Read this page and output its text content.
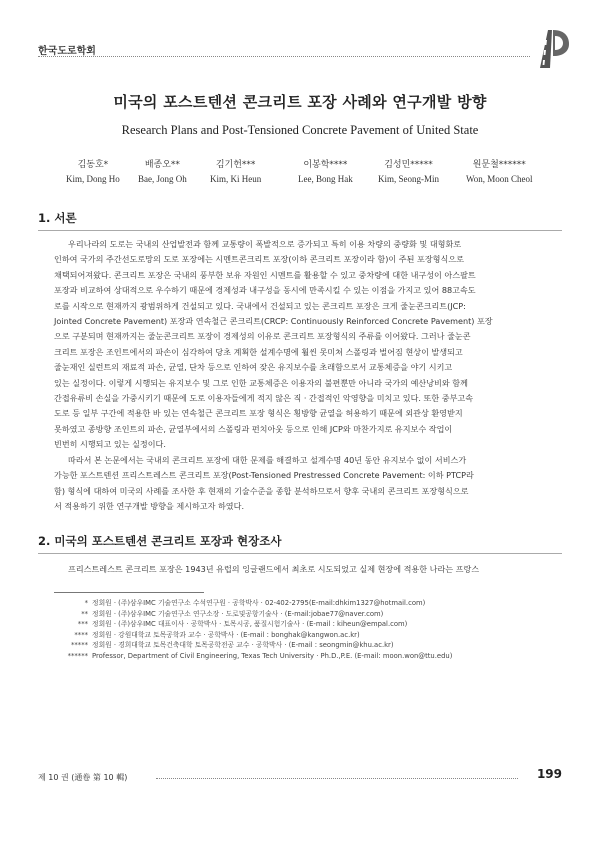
한국도로학회
미국의 포스트텐션 콘크리트 포장 사례와 연구개발 방향
Research Plans and Post-Tensioned Concrete Pavement of United State
김동호*
Kim, Dong Ho
배종오**
Bae, Jong Oh
김기헌***
Kim, Ki Heun
이봉학****
Lee, Bong Hak
김성민*****
Kim, Seong-Min
원문철******
Won, Moon Cheol
1. 서론
우리나라의 도로는 국내의 산업발전과 함께 교통량이 폭발적으로 증가되고 특히 이용 차량의 중량화 및 대형화로
인하여 국가의 주간선도로망의 도로 포장에는 시멘트콘크리트 포장(이하 콘크리트 포장이라 함)이 주된 포장형식으로
채택되어져왔다. 콘크리트 포장은 국내의 풍부한 보유 자원인 시멘트를 활용할 수 있고 중차량에 대한 내구성이 아스팔트
포장과 비교하여 상대적으로 우수하기 때문에 경제성과 내구성을 동시에 만족시킬 수 있는 이점을 가지고 있어 88고속도
로를 시작으로 현재까지 광범위하게 건설되고 있다. 국내에서 건설되고 있는 콘크리트 포장은 크게 줄눈콘크리트(JCP:
Jointed Concrete Pavement) 포장과 연속철근 콘크리트(CRCP: Continuously Reinforced Concrete Pavement) 포장
으로 구분되며 현재까지는 줄눈콘크리트 포장이 경제성의 이유로 콘크리트 포장형식의 주류를 이어왔다. 그러나 줄눈콘
크리트 포장은 조인트에서의 파손이 심각하여 당초 계획한 설계수명에 훨씬 못미쳐 스폴링과 벌어짐 현상이 발생되고
줄눈재인 실런트의 재료적 파손, 균열, 단차 등으로 인하여 잦은 유지보수를 초래함으로서 교통체증을 야기 시키고
있는 실정이다. 이렇게 시행되는 유지보수 및 그로 인한 교통체증은 이용자의 불편뿐만 아니라 국가의 예산낭비와 함께
간접유류비 손실을 가중시키기 때문에 도로 이용자들에게 적지 않은 직 · 간접적인 악영향을 미치고 있다. 또한 중부고속
도로 등 일부 구간에 적용한 바 있는 연속철근 콘크리트 포장 형식은 횡방향 균열을 허용하기 때문에 외관상 환영받지
못하였고 종방향 조인트의 파손, 균열부에서의 스폴링과 펀치아웃 등으로 인해 JCP와 마찬가지로 유지보수 작업이
빈번히 시행되고 있는 실정이다.
따라서 본 논문에서는 국내의 콘크리트 포장에 대한 문제를 해결하고 설계수명 40년 동안 유지보수 없이 서비스가
가능한 포스트텐션 프리스트레스트 콘크리트 포장(Post-Tensioned Prestressed Concrete Pavement: 이하 PTCP라
함) 형식에 대하여 미국의 사례를 조사한 후 현재의 기술수준을 종합 분석하므로서 향후 국내의 콘크리트 포장형식으로
서 적용하기 위한 연구개발 방향을 제시하고자 하였다.
2. 미국의 포스트텐션 콘크리트 포장과 현장조사
프리스트레스트 콘크리트 포장은 1943년 유럽의 잉글랜드에서 최초로 시도되었고 실제 현장에 적용한 나라는 프랑스
* 정회원 · (주)삼우IMC 기술연구소 수석연구원 · 공학박사 · 02-402-2795(E-mail:dhkim1327@hotmail.com)
** 정회원 · (주)삼우IMC 기술연구소 연구소장 · 도로및공항기술사 · (E-mail:jobae77@naver.com)
*** 정회원 · (주)삼우IMC 대표이사 · 공학박사 · 토목시공, 품질시험기술사 · (E-mail : kiheun@empal.com)
**** 정회원 · 강원대학교 토목공학과 교수 · 공학박사 · (E-mail : bonghak@kangwon.ac.kr)
***** 정회원 · 경희대학교 토목건축대학 토목공학전공 교수 · 공학박사 · (E-mail : seongmin@khu.ac.kr)
****** Professor, Department of Civil Engineering, Texas Tech University · Ph.D.,P.E. (E-mail: moon.won@ttu.edu)
제 10 권 (通卷 第 10 輯)	199
